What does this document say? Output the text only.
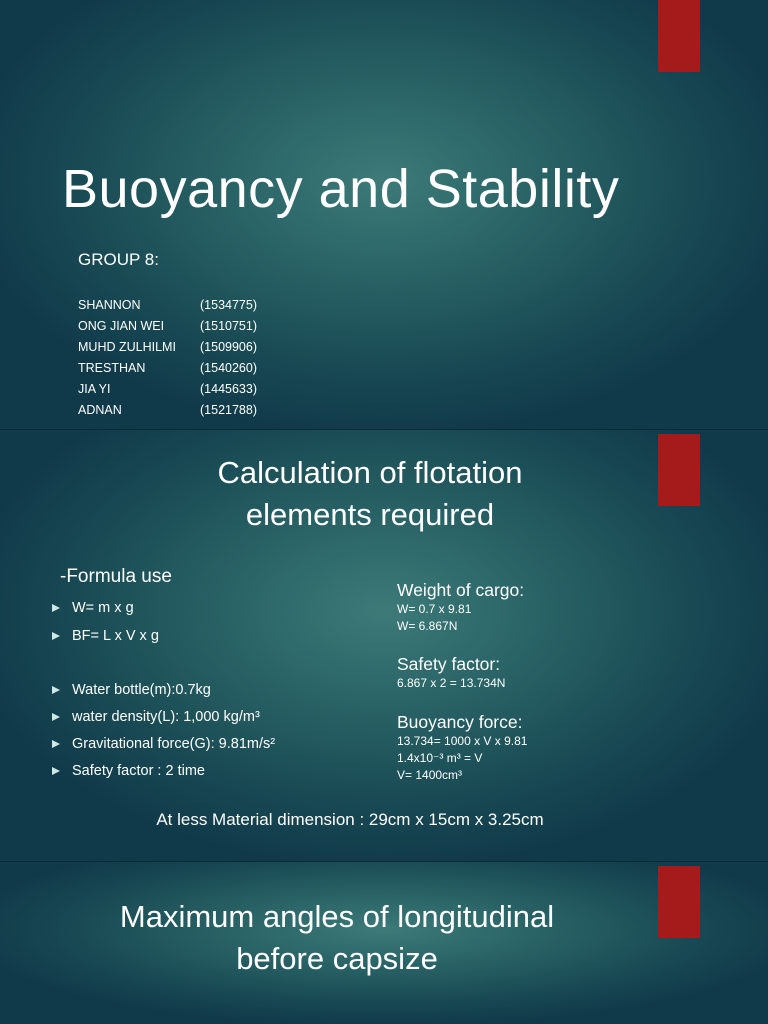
Buoyancy and Stability
GROUP 8:
SHANNON	(1534775)
ONG JIAN WEI	(1510751)
MUHD ZULHILMI (1509906)
TRESTHAN	(1540260)
JIA YI	(1445633)
ADNAN	(1521788)
Calculation of flotation
elements required
-Formula use
W= m x g
BF= L x V x g
Water bottle(m):0.7kg
water density(L): 1,000 kg/m³
Gravitational force(G): 9.81m/s²
Safety factor : 2 time
Weight of cargo:
W= 0.7 x 9.81
W= 6.867N
Safety factor:
6.867 x 2 = 13.734N
Buoyancy force:
13.734= 1000 x V x 9.81
1.4x10⁻³ m³ = V
V= 1400cm³
At less Material dimension : 29cm x 15cm x 3.25cm
Maximum angles of longitudinal
before capsize
